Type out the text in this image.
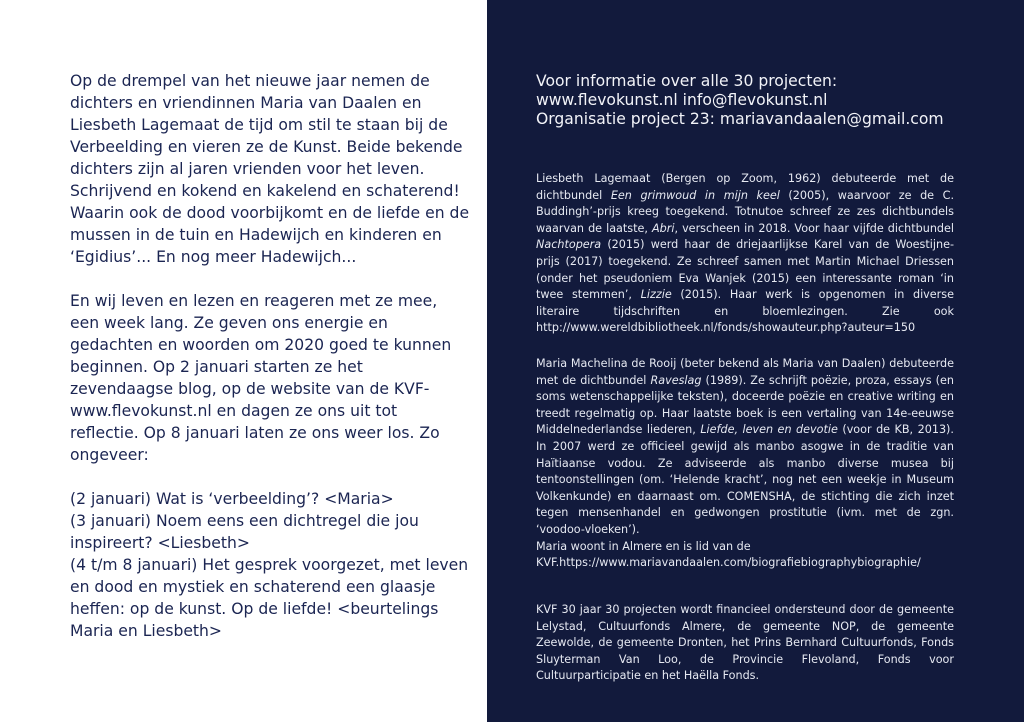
Op de drempel van het nieuwe jaar nemen de dichters en vriendinnen Maria van Daalen en Liesbeth Lagemaat de tijd om stil te staan bij de Verbeelding en vieren ze de Kunst. Beide bekende dichters zijn al jaren vrienden voor het leven. Schrijvend en kokend en kakelend en schaterend! Waarin ook de dood voorbijkomt en de liefde en de mussen in de tuin en Hadewijch en kinderen en ‘Egidius’... En nog meer Hadewijch...

En wij leven en lezen en reageren met ze mee, een week lang. Ze geven ons energie en gedachten en woorden om 2020 goed te kunnen beginnen. Op 2 januari starten ze het zevendaagse blog, op de website van de KVF- www.flevokunst.nl en dagen ze ons uit tot reflectie. Op 8 januari laten ze ons weer los. Zo ongeveer:

(2 januari) Wat is ‘verbeelding’? <Maria>

(3 januari) Noem eens een dichtregel die jou inspireert? <Liesbeth>

(4 t/m 8 januari) Het gesprek voorgezet, met leven en dood en mystiek en schaterend een glaasje heffen: op de kunst. Op de liefde! <beurtelings Maria en Liesbeth>

Voor informatie over alle 30 projecten:
www.flevokunst.nl info@flevokunst.nl
Organisatie project 23: mariavandaalen@gmail.com

Liesbeth Lagemaat (Bergen op Zoom, 1962) debuteerde met de dichtbundel Een grimwoud in mijn keel (2005), waarvoor ze de C. Buddingh’-prijs kreeg toegekend. Totnutoe schreef ze zes dichtbundels waarvan de laatste, Abri, verscheen in 2018. Voor haar vijfde dichtbundel Nachtopera (2015) werd haar de driejaarlijkse Karel van de Woestijne-prijs (2017) toegekend. Ze schreef samen met Martin Michael Driessen (onder het pseudoniem Eva Wanjek (2015) een interessante roman ‘in twee stemmen’, Lizzie (2015). Haar werk is opgenomen in diverse literaire tijdschriften en bloemlezingen. Zie ook http://www.wereldbibliotheek.nl/fonds/showauteur.php?auteur=150

Maria Machelina de Rooij (beter bekend als Maria van Daalen) debuteerde met de dichtbundel Raveslag (1989). Ze schrijft poëzie, proza, essays (en soms wetenschappelijke teksten), doceerde poëzie en creative writing en treedt regelmatig op. Haar laatste boek is een vertaling van 14e-eeuwse Middelnederlandse liederen, Liefde, leven en devotie (voor de KB, 2013). In 2007 werd ze officieel gewijd als manbo asogwe in de traditie van Haïtiaanse vodou. Ze adviseerde als manbo diverse musea bij tentoonstellingen (om. ‘Helende kracht’, nog net een weekje in Museum Volkenkunde) en daarnaast om. COMENSHA, de stichting die zich inzet tegen mensenhandel en gedwongen prostitutie (ivm. met de zgn. ‘voodoo-vloeken’).

Maria woont in Almere en is lid van de KVF.https://www.mariavandaalen.com/biografiebiographybiographie/

KVF 30 jaar 30 projecten wordt financieel ondersteund door de gemeente Lelystad, Cultuurfonds Almere, de gemeente NOP, de gemeente Zeewolde, de gemeente Dronten, het Prins Bernhard Cultuurfonds, Fonds Sluyterman Van Loo, de Provincie Flevoland, Fonds voor Cultuurparticipatie en het Haëlla Fonds.
